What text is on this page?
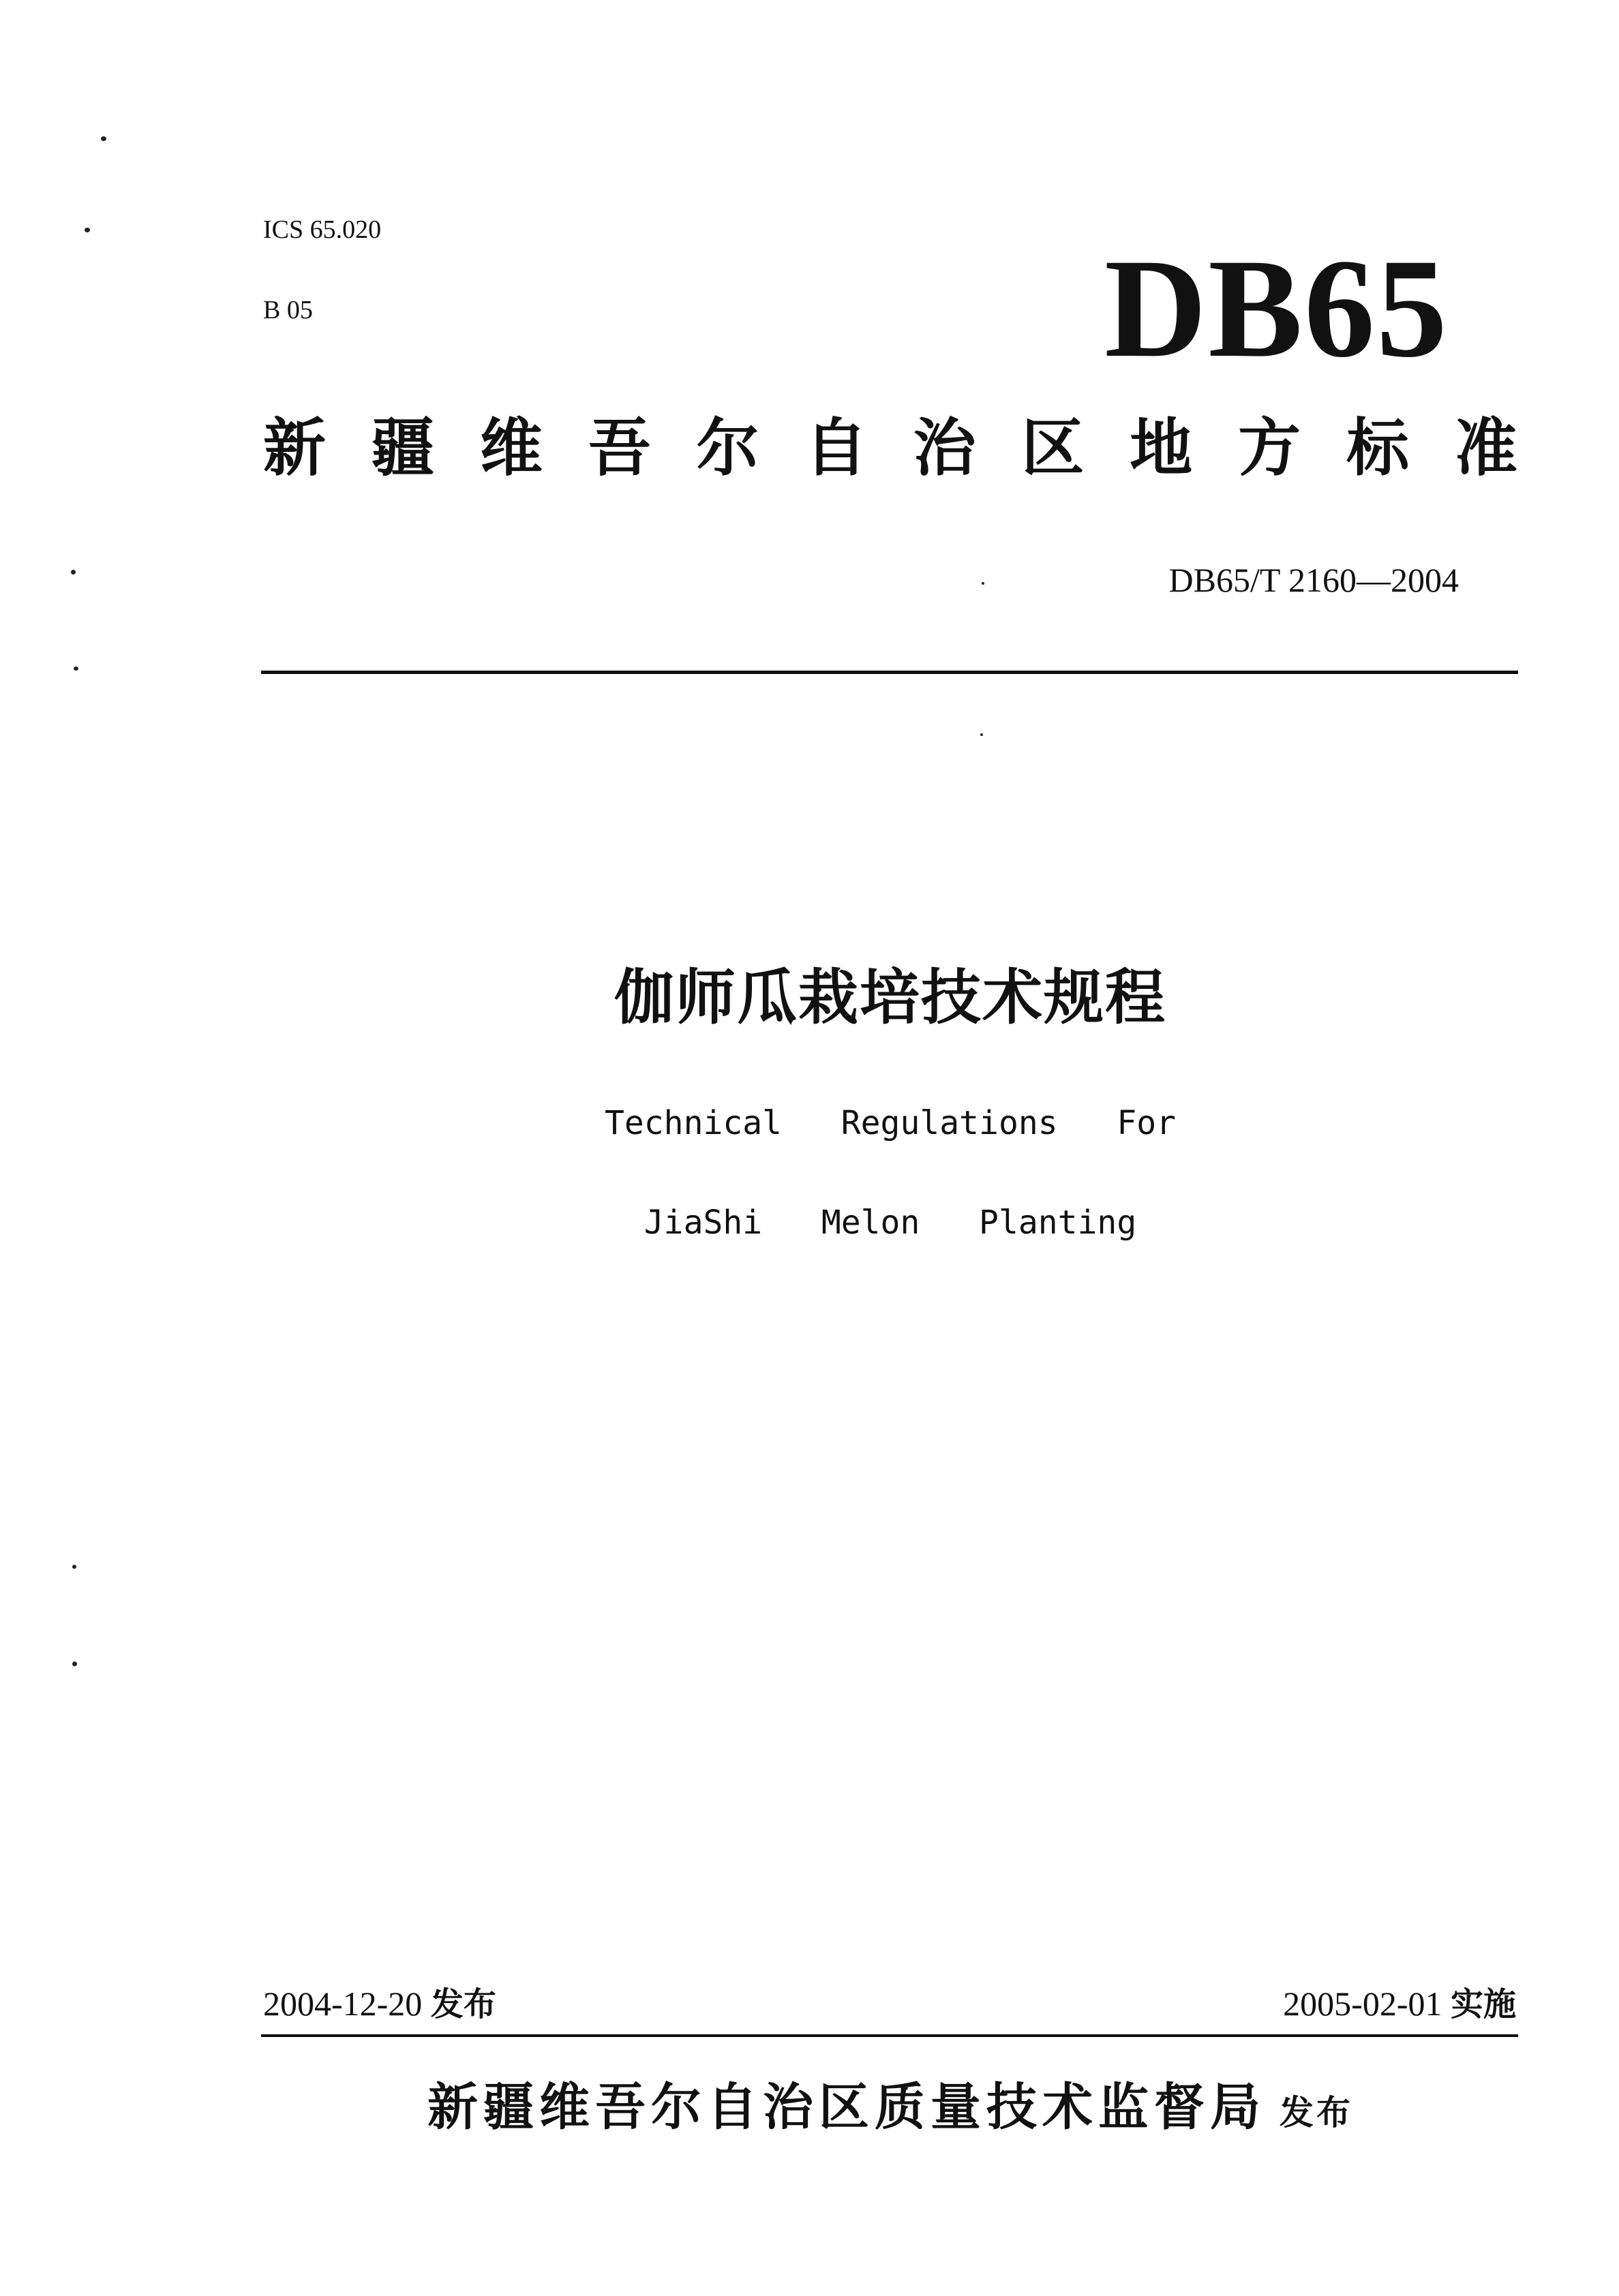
ICS 65.020
B 05	DB65
新 疆 维 吾 尔 自 治 区 地 方 标 准
DB65/T 2160—2004
伽师瓜栽培技术规程
Technical   Regulations   For
JiaShi   Melon   Planting
2004-12-20 发布	2005-02-01 实施
新疆维吾尔自治区质量技术监督局 发布
